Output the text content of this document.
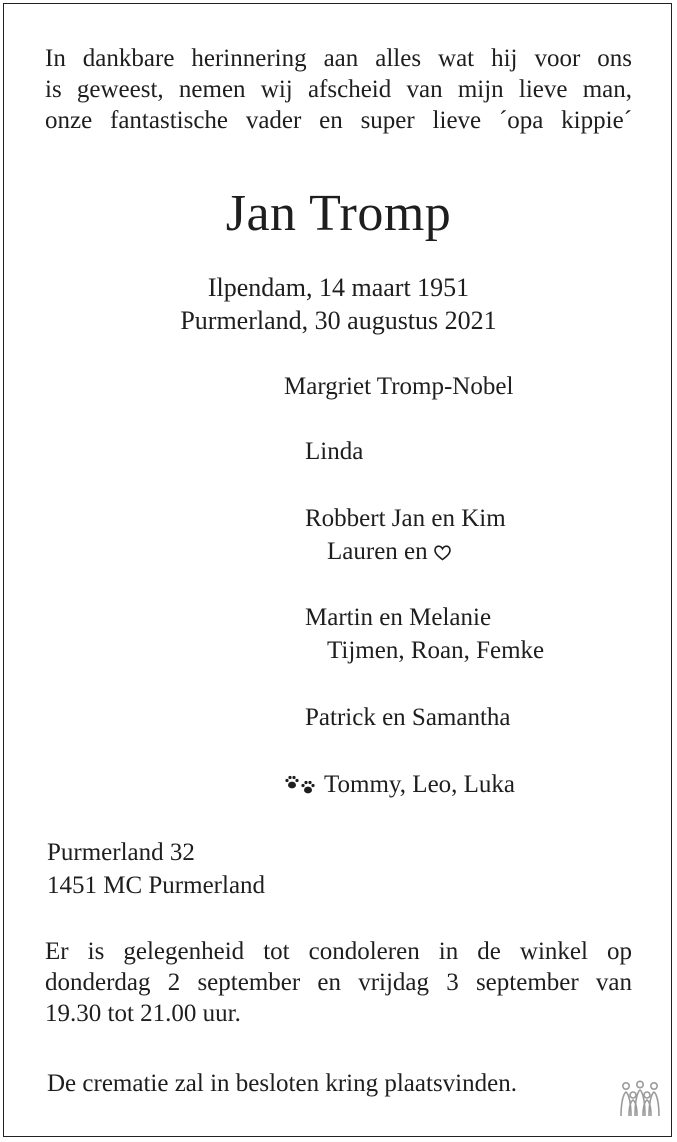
In dankbare herinnering aan alles wat hij voor ons
is geweest, nemen wij afscheid van mijn lieve man,
onze fantastische vader en super lieve ´opa kippie´
Jan Tromp
Ilpendam, 14 maart 1951
Purmerland, 30 augustus 2021
Margriet Tromp-Nobel
Linda
Robbert Jan en Kim
Lauren en
Martin en Melanie
Tijmen, Roan, Femke
Patrick en Samantha
Tommy, Leo, Luka
Purmerland 32
1451 MC Purmerland
Er is gelegenheid tot condoleren in de winkel op
donderdag 2 september en vrijdag 3 september van
19.30 tot 21.00 uur.
De crematie zal in besloten kring plaatsvinden.
